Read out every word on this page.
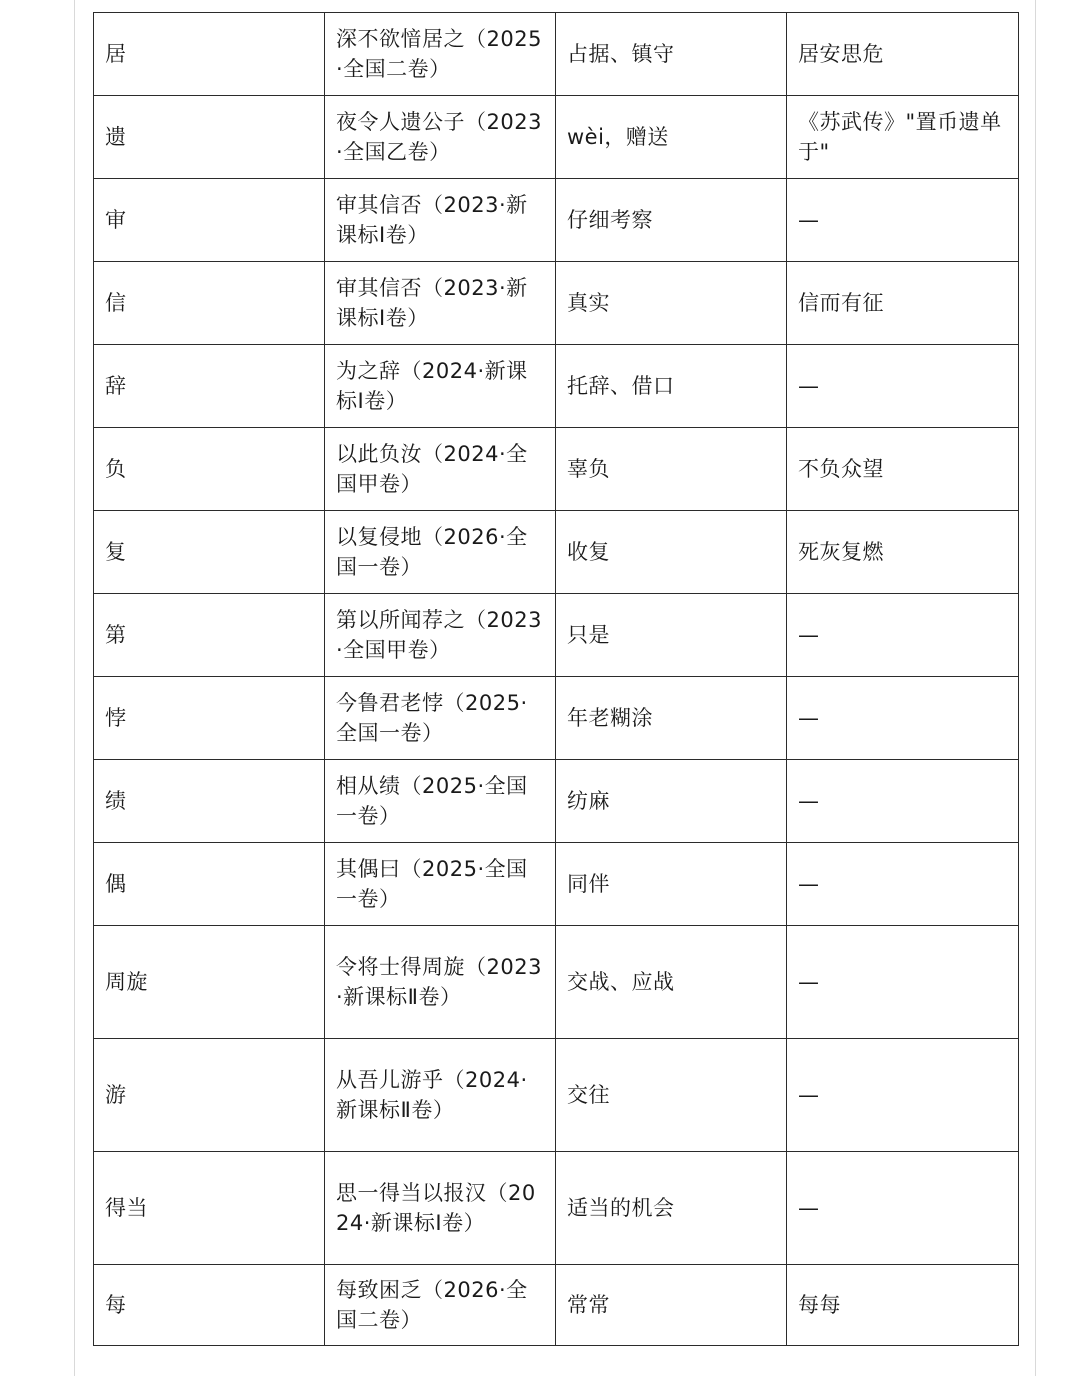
居	深不欲愔居之（2025·全国二卷）	占据、镇守	居安思危
遗	夜令人遗公子（2023·全国乙卷）	wèi，赠送	《苏武传》"置币遗单于"
审	审其信否（2023·新课标Ⅰ卷）	仔细考察	—
信	审其信否（2023·新课标Ⅰ卷）	真实	信而有征
辞	为之辞（2024·新课标Ⅰ卷）	托辞、借口	—
负	以此负汝（2024·全国甲卷）	辜负	不负众望
复	以复侵地（2026·全国一卷）	收复	死灰复燃
第	第以所闻荐之（2023·全国甲卷）	只是	—
悖	今鲁君老悖（2025·全国一卷）	年老糊涂	—
绩	相从绩（2025·全国一卷）	纺麻	—
偶	其偶曰（2025·全国一卷）	同伴	—
周旋	令将士得周旋（2023·新课标Ⅱ卷）	交战、应战	—
游	从吾儿游乎（2024·新课标Ⅱ卷）	交往	—
得当	思一得当以报汉（2024·新课标Ⅰ卷）	适当的机会	—
每	每致困乏（2026·全国二卷）	常常	每每
